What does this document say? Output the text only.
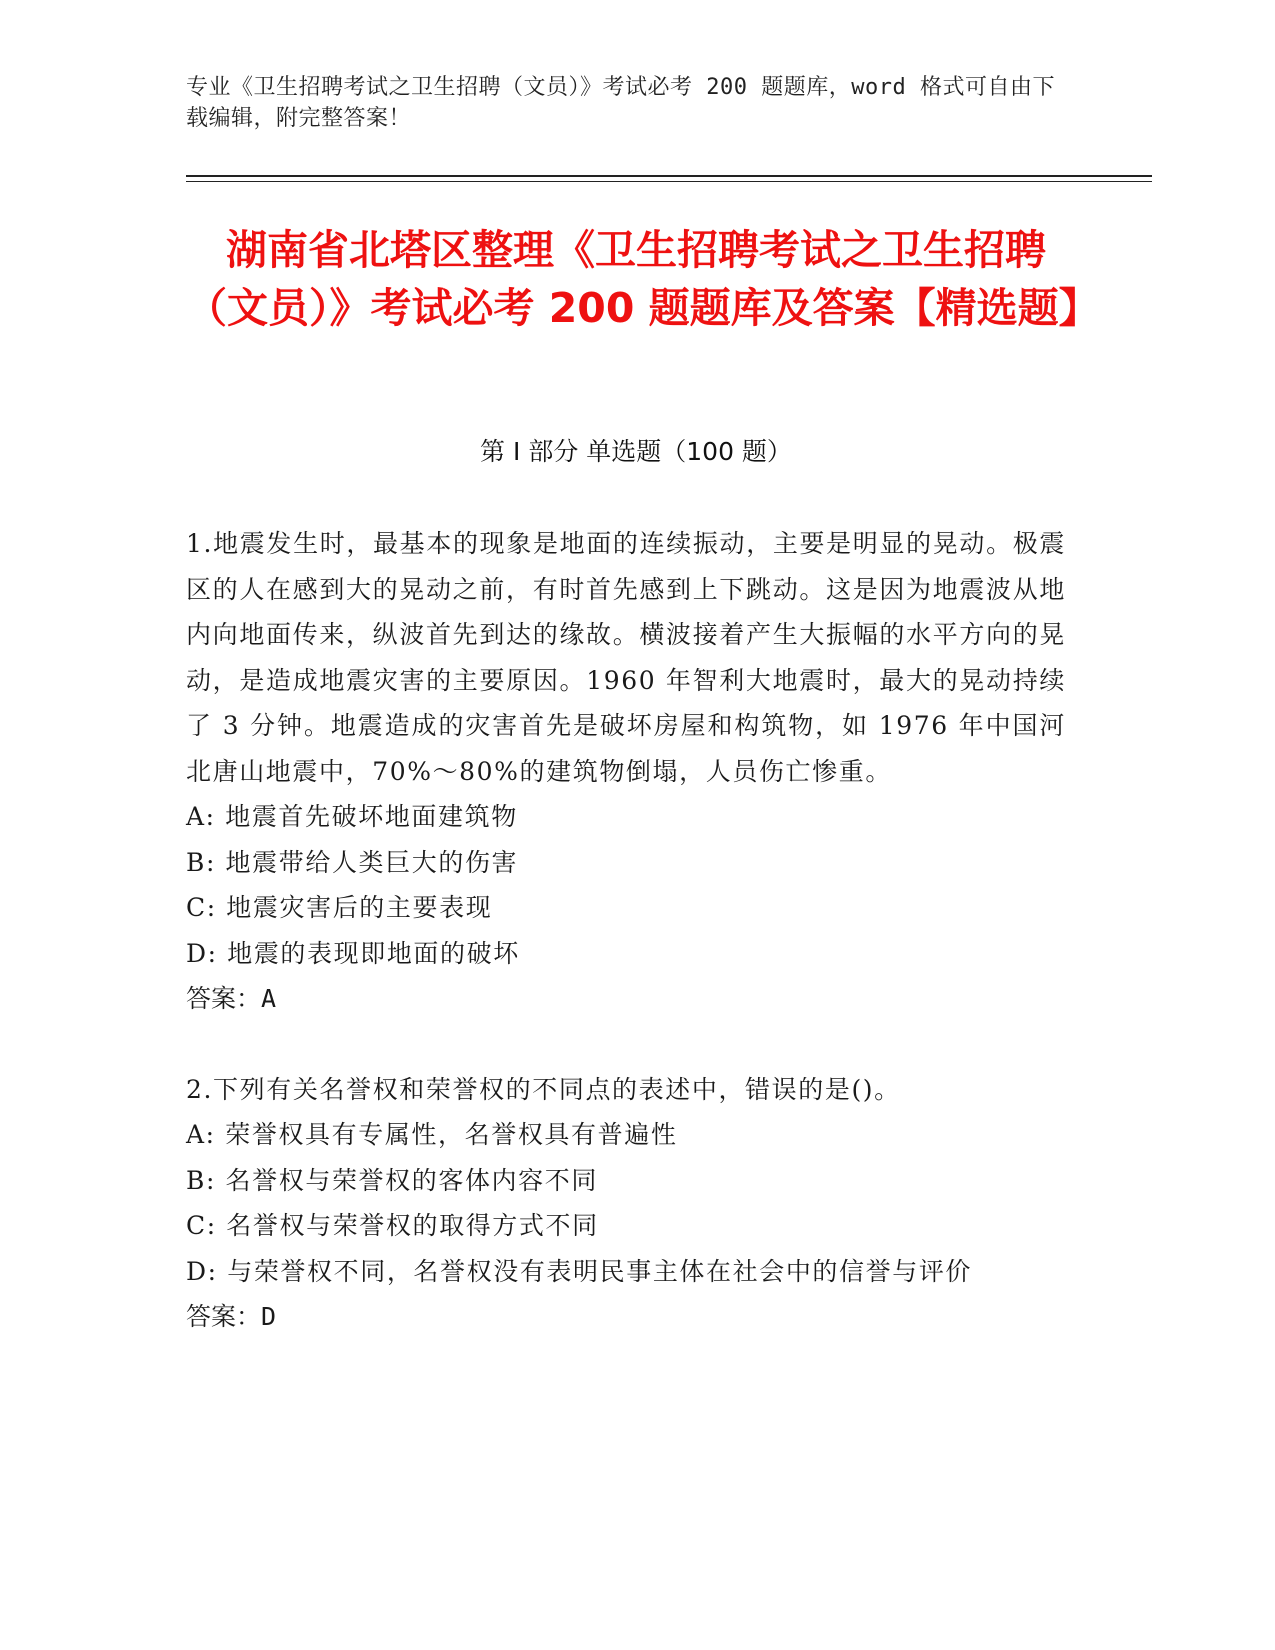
专业《卫生招聘考试之卫生招聘（文员）》考试必考 200 题题库，word 格式可自由下载编辑，附完整答案！
湖南省北塔区整理《卫生招聘考试之卫生招聘（文员）》考试必考 200 题题库及答案【精选题】
第 I 部分 单选题（100 题）
1.地震发生时，最基本的现象是地面的连续振动，主要是明显的晃动。极震区的人在感到大的晃动之前，有时首先感到上下跳动。这是因为地震波从地内向地面传来，纵波首先到达的缘故。横波接着产生大振幅的水平方向的晃动，是造成地震灾害的主要原因。1960 年智利大地震时，最大的晃动持续了 3 分钟。地震造成的灾害首先是破坏房屋和构筑物，如 1976 年中国河北唐山地震中，70%～80%的建筑物倒塌，人员伤亡惨重。
A: 地震首先破坏地面建筑物
B: 地震带给人类巨大的伤害
C: 地震灾害后的主要表现
D: 地震的表现即地面的破坏
答案：A
2.下列有关名誉权和荣誉权的不同点的表述中，错误的是()。
A: 荣誉权具有专属性，名誉权具有普遍性
B: 名誉权与荣誉权的客体内容不同
C: 名誉权与荣誉权的取得方式不同
D: 与荣誉权不同，名誉权没有表明民事主体在社会中的信誉与评价
答案：D
